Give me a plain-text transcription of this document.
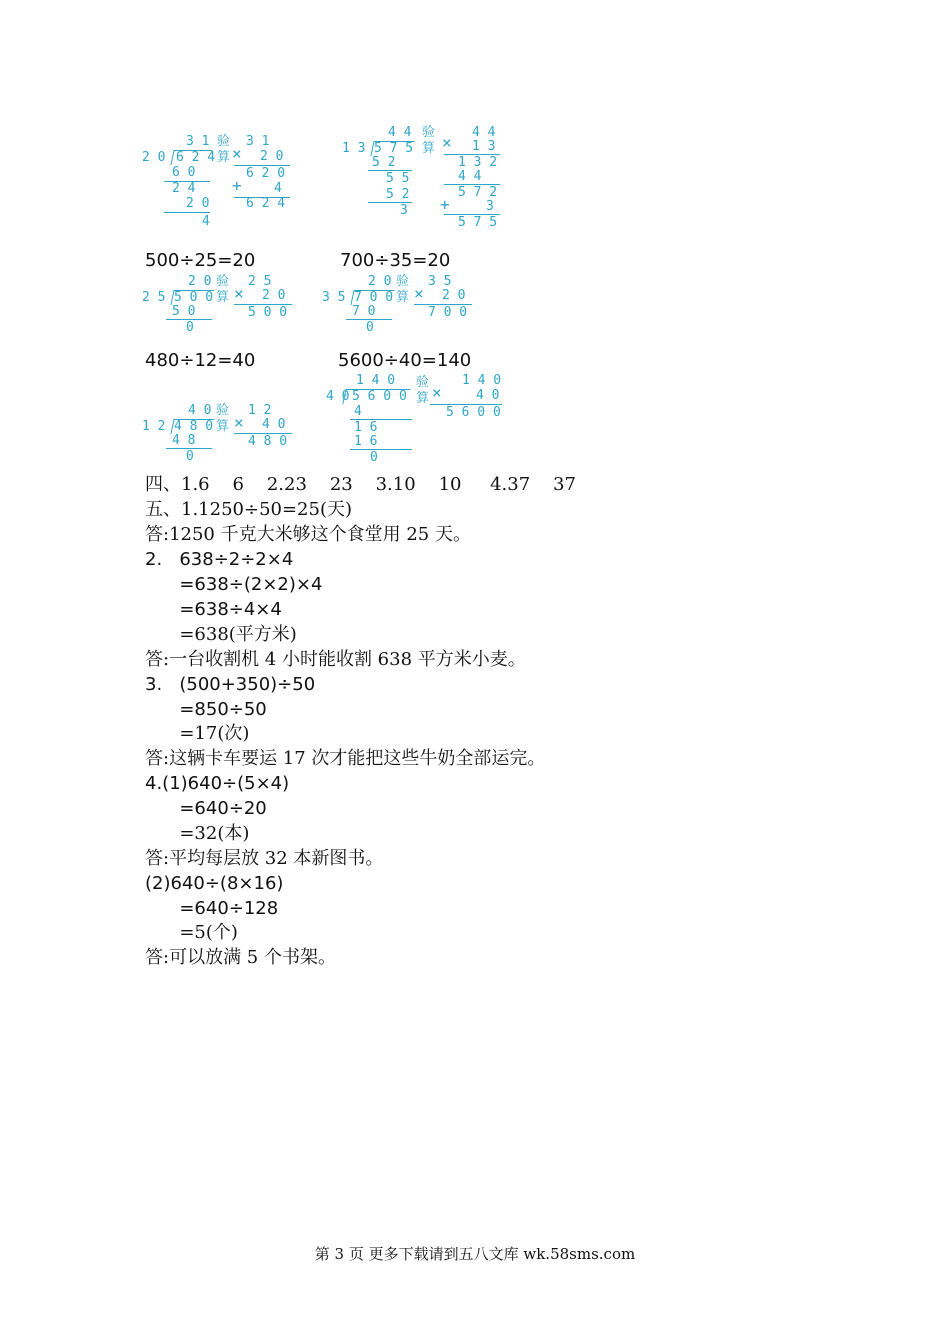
3 1
2 0 6 2 4
6 0
2 4
2 0
4
验
算
3 1
× 2 0
6 2 0
+ 4
6 2 4
4 4
1 3 5 7 5
5 2
5 5
5 2
3
验
算
4 4
× 1 3
1 3 2
4 4
5 7 2
+	3
5 7 5
500÷25=20	700÷35=20
2 0
2 5 5 0 0
5 0
0
验
算
2 5
× 2 0
5 0 0
2 0
3 5 7 0 0
7 0
0
验
算
3 5
× 2 0
7 0 0
480÷12=40	5600÷40=140
4 0
1 2 4 8 0
4 8
0
验
算
1 2
× 4 0
4 8 0
1 4 0
4 0 5 6 0 0
4
1 6
1 6
0
验
算
1 4 0
×	4 0
5 6 0 0
四、1.6    6    2.23    23    3.10    10     4.37    37
五、1.1250÷50=25(天)
答:1250 千克大米够这个食堂用 25 天。
2.   638÷2÷2×4
=638÷(2×2)×4
=638÷4×4
=638(平方米)
答:一台收割机 4 小时能收割 638 平方米小麦。
3.   (500+350)÷50
=850÷50
=17(次)
答:这辆卡车要运 17 次才能把这些牛奶全部运完。
4.(1)640÷(5×4)
=640÷20
=32(本)
答:平均每层放 32 本新图书。
(2)640÷(8×16)
=640÷128
=5(个)
答:可以放满 5 个书架。
第 3 页 更多下载请到五八文库 wk.58sms.com
